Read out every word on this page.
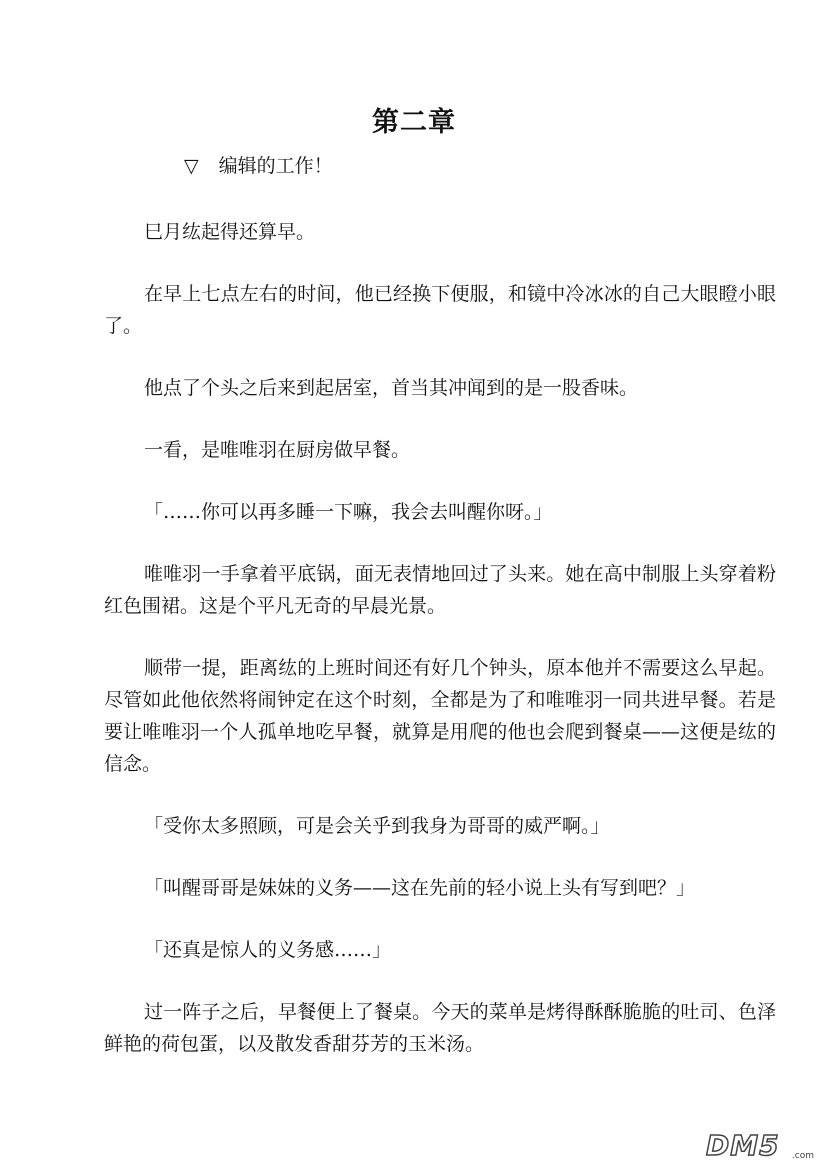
第二章

▽ 编辑的工作！

巳月纮起得还算早。

在早上七点左右的时间，他已经换下便服，和镜中冷冰冰的自己大眼瞪小眼了。

他点了个头之后来到起居室，首当其冲闻到的是一股香味。

一看，是唯唯羽在厨房做早餐。

「……你可以再多睡一下嘛，我会去叫醒你呀。」

唯唯羽一手拿着平底锅，面无表情地回过了头来。她在高中制服上头穿着粉红色围裙。这是个平凡无奇的早晨光景。

顺带一提，距离纮的上班时间还有好几个钟头，原本他并不需要这么早起。尽管如此他依然将闹钟定在这个时刻，全都是为了和唯唯羽一同共进早餐。若是要让唯唯羽一个人孤单地吃早餐，就算是用爬的他也会爬到餐桌——这便是纮的信念。

「受你太多照顾，可是会关乎到我身为哥哥的威严啊。」

「叫醒哥哥是妹妹的义务——这在先前的轻小说上头有写到吧？」

「还真是惊人的义务感……」

过一阵子之后，早餐便上了餐桌。今天的菜单是烤得酥酥脆脆的吐司、色泽鲜艳的荷包蛋，以及散发香甜芬芳的玉米汤。

DM5 .com
